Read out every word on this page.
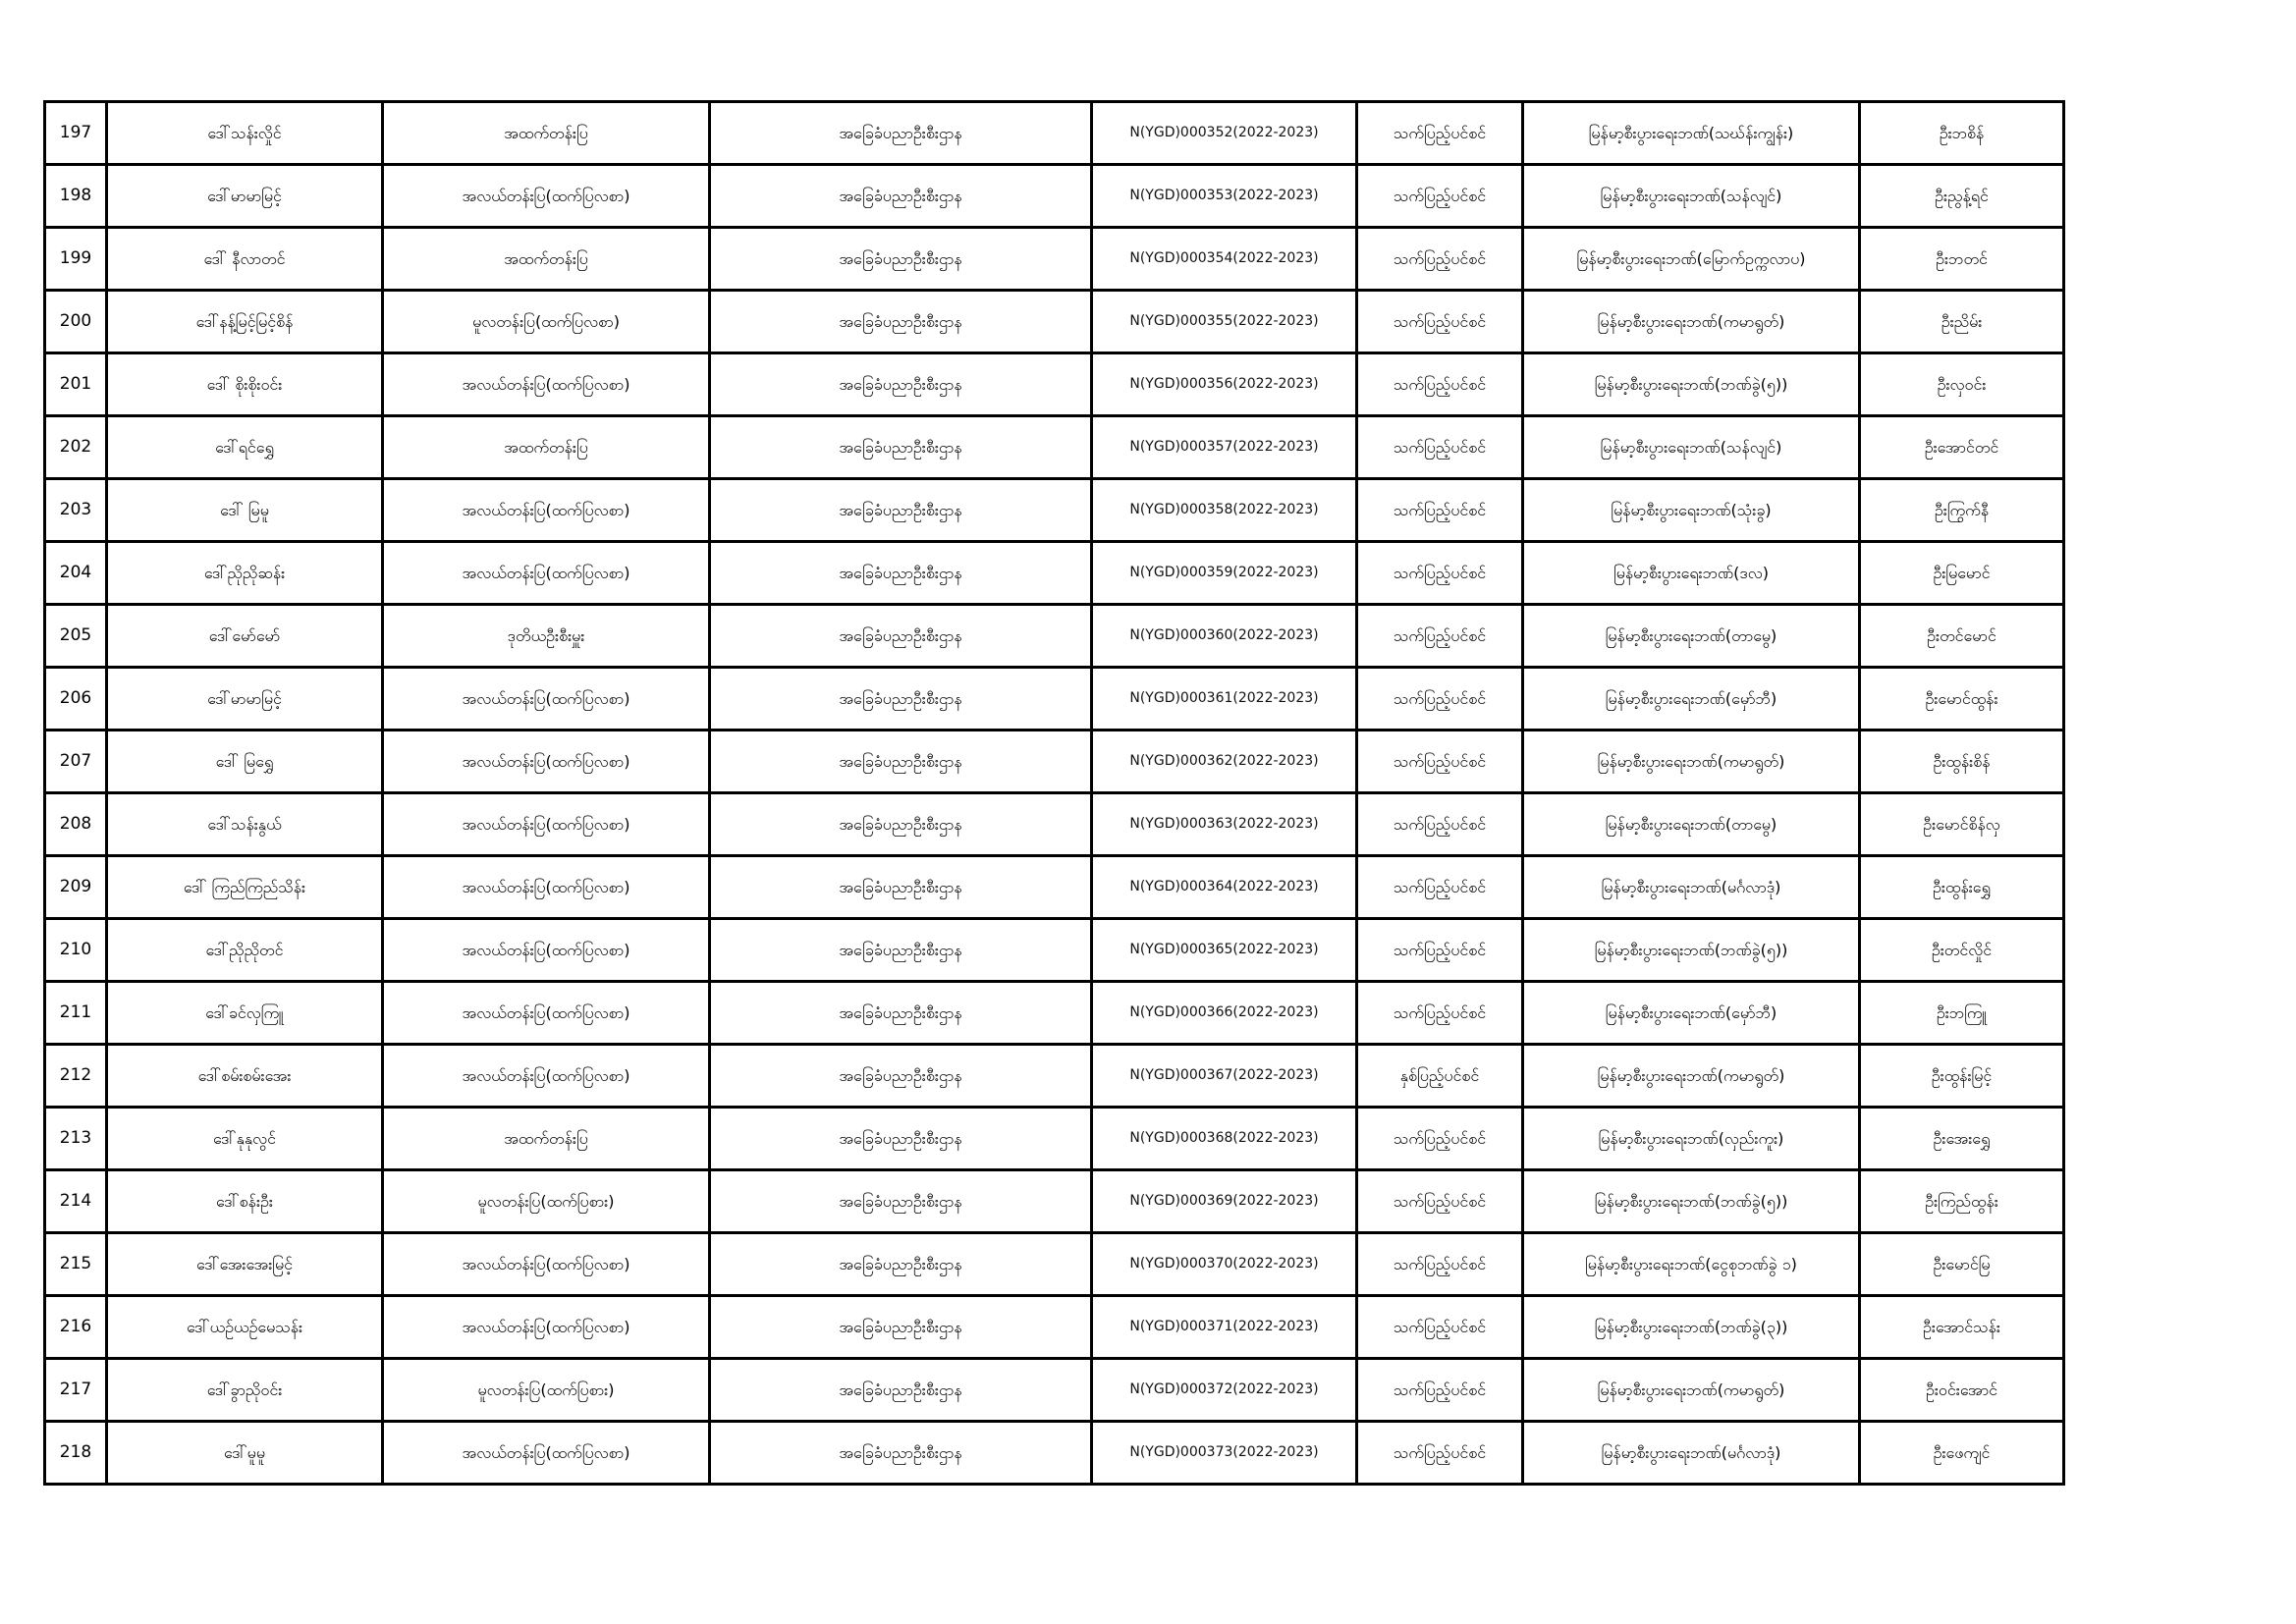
197	ဒေါ်သန်းလှိုင်	အထက်တန်းပြ	အခြေခံပညာဦးစီးဌာန	N(YGD)000352(2022-2023)	သက်ပြည့်ပင်စင်	မြန်မာ့စီးပွားရေးဘဏ်(သဃ်န်းကျွန်း)	ဦးဘစိန်
198	ဒေါ်မာမာမြင့်	အလယ်တန်းပြ(ထက်ပြလစာ)	အခြေခံပညာဦးစီးဌာန	N(YGD)000353(2022-2023)	သက်ပြည့်ပင်စင်	မြန်မာ့စီးပွားရေးဘဏ်(သန်လျင်)	ဦးညွန့်ရင်
199	ဒေါ် နီလာတင်	အထက်တန်းပြ	အခြေခံပညာဦးစီးဌာန	N(YGD)000354(2022-2023)	သက်ပြည့်ပင်စင်	မြန်မာ့စီးပွားရေးဘဏ်(မြောက်ဥက္ကလာပ)	ဦးဘတင်
200	ဒေါ်နန့်မြင့်မြင့်စိန်	မူလတန်းပြ(ထက်ပြလစာ)	အခြေခံပညာဦးစီးဌာန	N(YGD)000355(2022-2023)	သက်ပြည့်ပင်စင်	မြန်မာ့စီးပွားရေးဘဏ်(ကမာရွတ်)	ဦးညိမ်း
201	ဒေါ် စိုးစိုးဝင်း	အလယ်တန်းပြ(ထက်ပြလစာ)	အခြေခံပညာဦးစီးဌာန	N(YGD)000356(2022-2023)	သက်ပြည့်ပင်စင်	မြန်မာ့စီးပွားရေးဘဏ်(ဘဏ်ခွဲ(၅))	ဦးလှဝင်း
202	ဒေါ်ရင်ရွှေ	အထက်တန်းပြ	အခြေခံပညာဦးစီးဌာန	N(YGD)000357(2022-2023)	သက်ပြည့်ပင်စင်	မြန်မာ့စီးပွားရေးဘဏ်(သန်လျင်)	ဦးအောင်တင်
203	ဒေါ် မြမူ	အလယ်တန်းပြ(ထက်ပြလစာ)	အခြေခံပညာဦးစီးဌာန	N(YGD)000358(2022-2023)	သက်ပြည့်ပင်စင်	မြန်မာ့စီးပွားရေးဘဏ်(သုံးခွ)	ဦးကြွက်နီ
204	ဒေါ်ညိုညိုဆန်း	အလယ်တန်းပြ(ထက်ပြလစာ)	အခြေခံပညာဦးစီးဌာန	N(YGD)000359(2022-2023)	သက်ပြည့်ပင်စင်	မြန်မာ့စီးပွားရေးဘဏ်(ဒလ)	ဦးမြမောင်
205	ဒေါ်မော်မော်	ဒုတိယဦးစီးမှူး	အခြေခံပညာဦးစီးဌာန	N(YGD)000360(2022-2023)	သက်ပြည့်ပင်စင်	မြန်မာ့စီးပွားရေးဘဏ်(တာမွေ)	ဦးတင်မောင်
206	ဒေါ်မာမာမြင့်	အလယ်တန်းပြ(ထက်ပြလစာ)	အခြေခံပညာဦးစီးဌာန	N(YGD)000361(2022-2023)	သက်ပြည့်ပင်စင်	မြန်မာ့စီးပွားရေးဘဏ်(မှော်ဘီ)	ဦးမောင်ထွန်း
207	ဒေါ် မြရွှေ	အလယ်တန်းပြ(ထက်ပြလစာ)	အခြေခံပညာဦးစီးဌာန	N(YGD)000362(2022-2023)	သက်ပြည့်ပင်စင်	မြန်မာ့စီးပွားရေးဘဏ်(ကမာရွတ်)	ဦးထွန်းစိန်
208	ဒေါ်သန်းနွယ်	အလယ်တန်းပြ(ထက်ပြလစာ)	အခြေခံပညာဦးစီးဌာန	N(YGD)000363(2022-2023)	သက်ပြည့်ပင်စင်	မြန်မာ့စီးပွားရေးဘဏ်(တာမွေ)	ဦးမောင်စိန်လှ
209	ဒေါ် ကြည်ကြည်သိန်း	အလယ်တန်းပြ(ထက်ပြလစာ)	အခြေခံပညာဦးစီးဌာန	N(YGD)000364(2022-2023)	သက်ပြည့်ပင်စင်	မြန်မာ့စီးပွားရေးဘဏ်(မင်္ဂလာဒုံ)	ဦးထွန်းရွှေ
210	ဒေါ်ညိုညိုတင်	အလယ်တန်းပြ(ထက်ပြလစာ)	အခြေခံပညာဦးစီးဌာန	N(YGD)000365(2022-2023)	သက်ပြည့်ပင်စင်	မြန်မာ့စီးပွားရေးဘဏ်(ဘဏ်ခွဲ(၅))	ဦးတင်လှိုင်
211	ဒေါ်ခင်လှကြူ	အလယ်တန်းပြ(ထက်ပြလစာ)	အခြေခံပညာဦးစီးဌာန	N(YGD)000366(2022-2023)	သက်ပြည့်ပင်စင်	မြန်မာ့စီးပွားရေးဘဏ်(မှော်ဘီ)	ဦးဘကြူ
212	ဒေါ်စမ်းစမ်းအေး	အလယ်တန်းပြ(ထက်ပြလစာ)	အခြေခံပညာဦးစီးဌာန	N(YGD)000367(2022-2023)	နှစ်ပြည့်ပင်စင်	မြန်မာ့စီးပွားရေးဘဏ်(ကမာရွတ်)	ဦးထွန်းမြင့်
213	ဒေါ်နုနုလွင်	အထက်တန်းပြ	အခြေခံပညာဦးစီးဌာန	N(YGD)000368(2022-2023)	သက်ပြည့်ပင်စင်	မြန်မာ့စီးပွားရေးဘဏ်(လှည်းကူး)	ဦးအေးရွှေ
214	ဒေါ်စန်းဦး	မူလတန်းပြ(ထက်ပြစား)	အခြေခံပညာဦးစီးဌာန	N(YGD)000369(2022-2023)	သက်ပြည့်ပင်စင်	မြန်မာ့စီးပွားရေးဘဏ်(ဘဏ်ခွဲ(၅))	ဦးကြည်ထွန်း
215	ဒေါ်အေးအေးမြင့်	အလယ်တန်းပြ(ထက်ပြလစာ)	အခြေခံပညာဦးစီးဌာန	N(YGD)000370(2022-2023)	သက်ပြည့်ပင်စင်	မြန်မာ့စီးပွားရေးဘဏ်(ငွေစုဘဏ်ခွဲ ၁)	ဦးမောင်မြ
216	ဒေါ်ယဉ်ယဉ်မေသန်း	အလယ်တန်းပြ(ထက်ပြလစာ)	အခြေခံပညာဦးစီးဌာန	N(YGD)000371(2022-2023)	သက်ပြည့်ပင်စင်	မြန်မာ့စီးပွားရေးဘဏ်(ဘဏ်ခွဲ(၃))	ဦးအောင်သန်း
217	ဒေါ်ခွာညိုဝင်း	မူလတန်းပြ(ထက်ပြစား)	အခြေခံပညာဦးစီးဌာန	N(YGD)000372(2022-2023)	သက်ပြည့်ပင်စင်	မြန်မာ့စီးပွားရေးဘဏ်(ကမာရွတ်)	ဦးဝင်းအောင်
218	ဒေါ်မူမူ	အလယ်တန်းပြ(ထက်ပြလစာ)	အခြေခံပညာဦးစီးဌာန	N(YGD)000373(2022-2023)	သက်ပြည့်ပင်စင်	မြန်မာ့စီးပွားရေးဘဏ်(မင်္ဂလာဒုံ)	ဦးဖေကျင်
